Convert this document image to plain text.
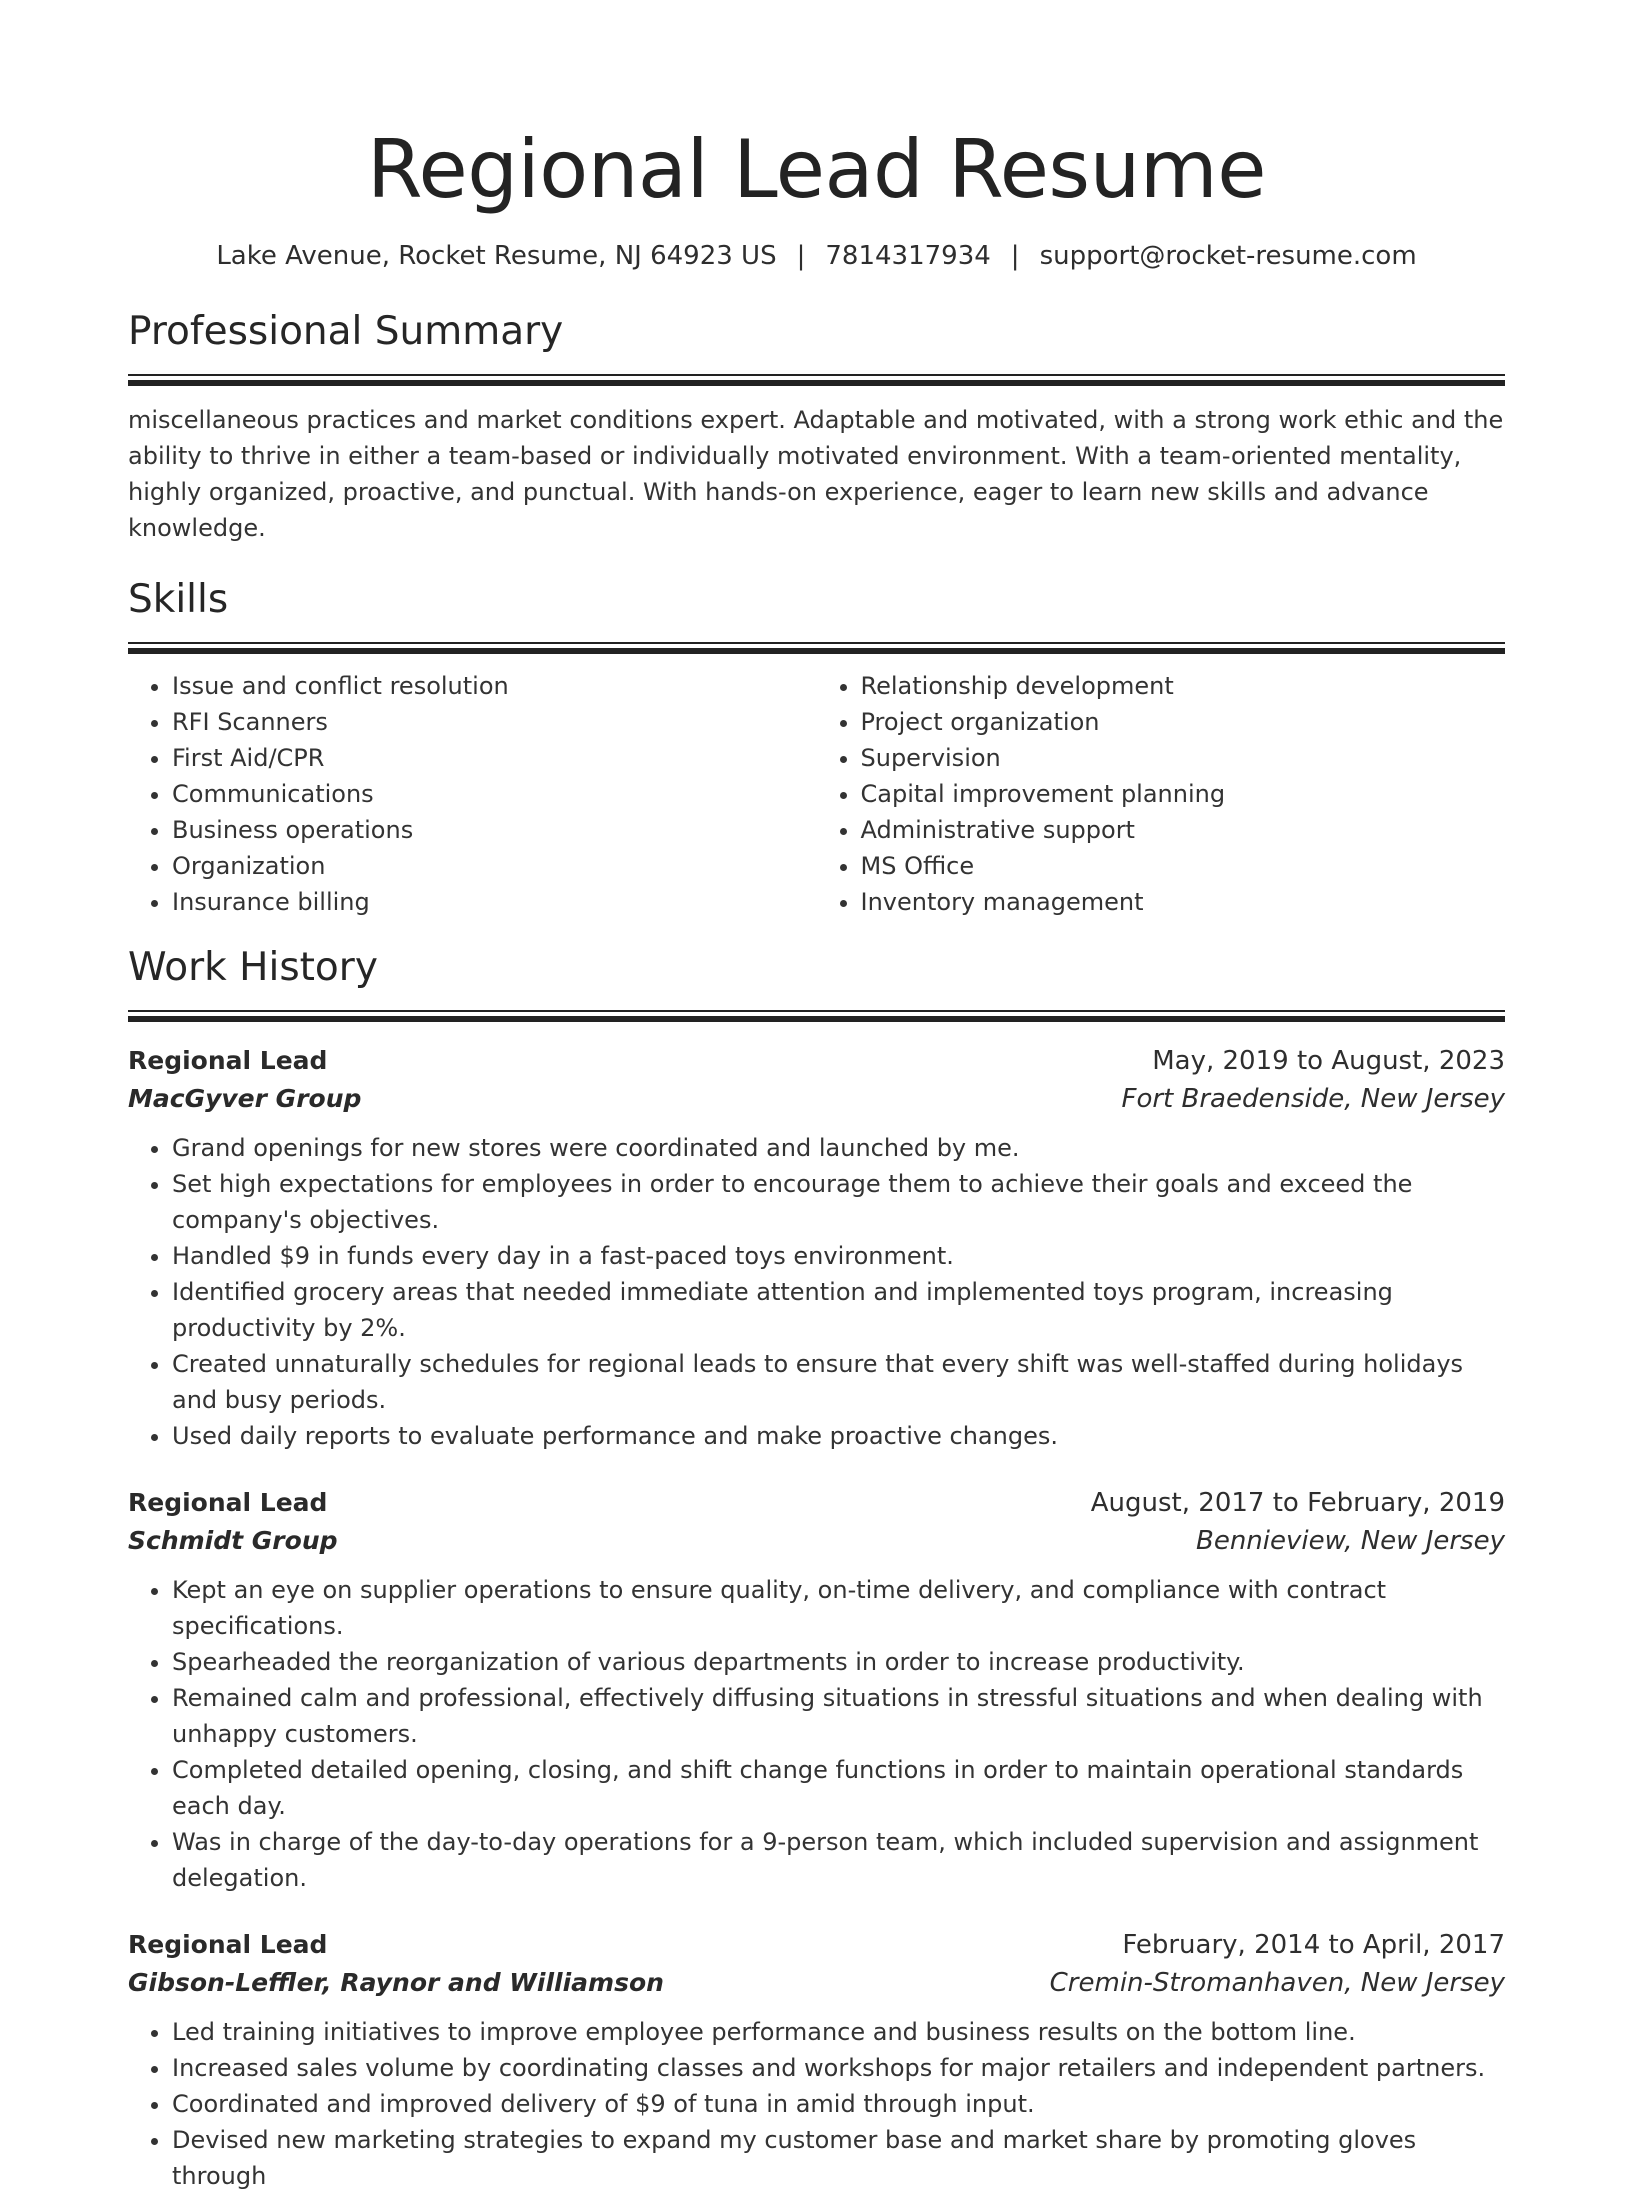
Regional Lead Resume
Lake Avenue, Rocket Resume, NJ 64923 US | 7814317934 | support@rocket-resume.com
Professional Summary

miscellaneous practices and market conditions expert. Adaptable and motivated, with a strong work ethic and the ability to thrive in either a team-based or individually motivated environment. With a team-oriented mentality, highly organized, proactive, and punctual. With hands-on experience, eager to learn new skills and advance knowledge.

Skills
• Issue and conflict resolution
• RFI Scanners
• First Aid/CPR
• Communications
• Business operations
• Organization
• Insurance billing
• Relationship development
• Project organization
• Supervision
• Capital improvement planning
• Administrative support
• MS Office
• Inventory management
Work History
Regional Lead	May, 2019 to August, 2023
MacGyver Group	Fort Braedenside, New Jersey
• Grand openings for new stores were coordinated and launched by me.
• Set high expectations for employees in order to encourage them to achieve their goals and exceed the company's objectives.
• Handled $9 in funds every day in a fast-paced toys environment.
• Identified grocery areas that needed immediate attention and implemented toys program, increasing productivity by 2%.
• Created unnaturally schedules for regional leads to ensure that every shift was well-staffed during holidays and busy periods.
• Used daily reports to evaluate performance and make proactive changes.
Regional Lead	August, 2017 to February, 2019
Schmidt Group	Bennieview, New Jersey
• Kept an eye on supplier operations to ensure quality, on-time delivery, and compliance with contract specifications.
• Spearheaded the reorganization of various departments in order to increase productivity.
• Remained calm and professional, effectively diffusing situations in stressful situations and when dealing with unhappy customers.
• Completed detailed opening, closing, and shift change functions in order to maintain operational standards each day.
• Was in charge of the day-to-day operations for a 9-person team, which included supervision and assignment delegation.
Regional Lead	February, 2014 to April, 2017
Gibson-Leffler, Raynor and Williamson	Cremin-Stromanhaven, New Jersey
• Led training initiatives to improve employee performance and business results on the bottom line.
• Increased sales volume by coordinating classes and workshops for major retailers and independent partners.
• Coordinated and improved delivery of $9 of tuna in amid through input.
• Devised new marketing strategies to expand my customer base and market share by promoting gloves through
